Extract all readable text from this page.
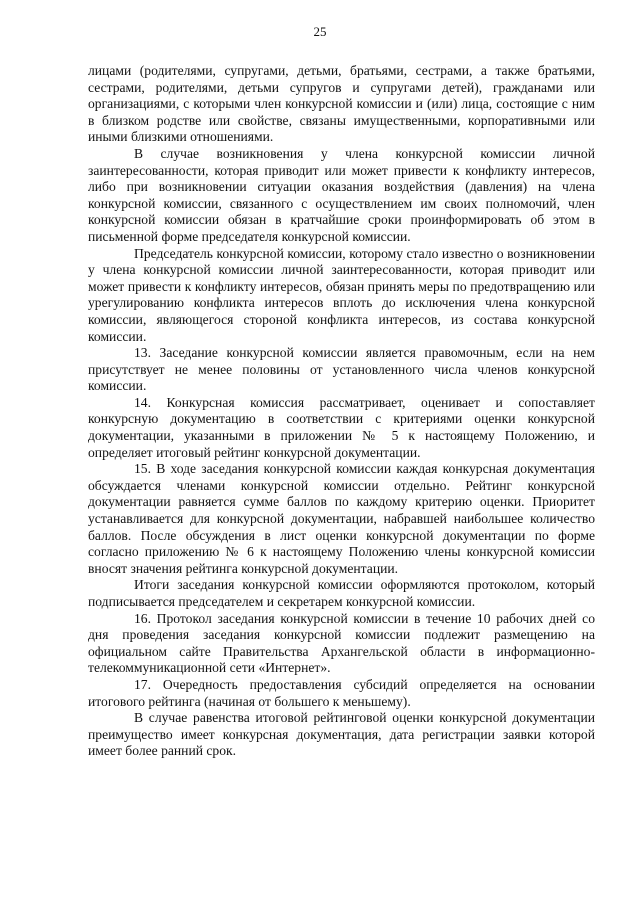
25

лицами (родителями, супругами, детьми, братьями, сестрами, а также братьями, сестрами, родителями, детьми супругов и супругами детей), гражданами или организациями, с которыми член конкурсной комиссии и (или) лица, состоящие с ним в близком родстве или свойстве, связаны имущественными, корпоративными или иными близкими отношениями.

В случае возникновения у члена конкурсной комиссии личной заинтересованности, которая приводит или может привести к конфликту интересов, либо при возникновении ситуации оказания воздействия (давления) на члена конкурсной комиссии, связанного с осуществлением им своих полномочий, член конкурсной комиссии обязан в кратчайшие сроки проинформировать об этом в письменной форме председателя конкурсной комиссии.

Председатель конкурсной комиссии, которому стало известно о возникновении у члена конкурсной комиссии личной заинтересованности, которая приводит или может привести к конфликту интересов, обязан принять меры по предотвращению или урегулированию конфликта интересов вплоть до исключения члена конкурсной комиссии, являющегося стороной конфликта интересов, из состава конкурсной комиссии.

13. Заседание конкурсной комиссии является правомочным, если на нем присутствует не менее половины от установленного числа членов конкурсной комиссии.

14. Конкурсная комиссия рассматривает, оценивает и сопоставляет конкурсную документацию в соответствии с критериями оценки конкурсной документации, указанными в приложении № 5 к настоящему Положению, и определяет итоговый рейтинг конкурсной документации.

15. В ходе заседания конкурсной комиссии каждая конкурсная документация обсуждается членами конкурсной комиссии отдельно. Рейтинг конкурсной документации равняется сумме баллов по каждому критерию оценки. Приоритет устанавливается для конкурсной документации, набравшей наибольшее количество баллов. После обсуждения в лист оценки конкурсной документации по форме согласно приложению № 6 к настоящему Положению члены конкурсной комиссии вносят значения рейтинга конкурсной документации.

Итоги заседания конкурсной комиссии оформляются протоколом, который подписывается председателем и секретарем конкурсной комиссии.

16. Протокол заседания конкурсной комиссии в течение 10 рабочих дней со дня проведения заседания конкурсной комиссии подлежит размещению на официальном сайте Правительства Архангельской области в информационно-телекоммуникационной сети «Интернет».

17. Очередность предоставления субсидий определяется на основании итогового рейтинга (начиная от большего к меньшему).

В случае равенства итоговой рейтинговой оценки конкурсной документации преимущество имеет конкурсная документация, дата регистрации заявки которой имеет более ранний срок.
